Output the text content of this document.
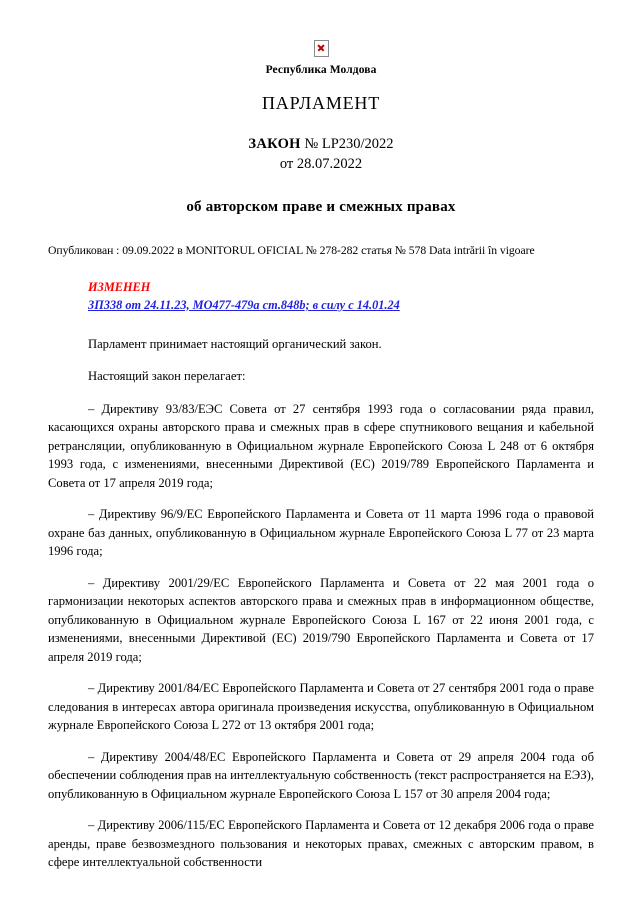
Республика Молдова
ПАРЛАМЕНТ
ЗАКОН № LP230/2022
от 28.07.2022
об авторском праве и смежных правах
Опубликован : 09.09.2022 в MONITORUL OFICIAL № 278-282 статья № 578 Data intrării în vigoare
ИЗМЕНЕН
ЗП338 от 24.11.23, МО477-479а ст.848b; в силу с 14.01.24

Парламент принимает настоящий органический закон.

Настоящий закон перелагает:

– Директиву 93/83/ЕЭС Совета от 27 сентября 1993 года о согласовании ряда правил, касающихся охраны авторского права и смежных прав в сфере спутникового вещания и кабельной ретрансляции, опубликованную в Официальном журнале Европейского Союза L 248 от 6 октября 1993 года, с изменениями, внесенными Директивой (ЕС) 2019/789 Европейского Парламента и Совета от 17 апреля 2019 года;

– Директиву 96/9/ЕС Европейского Парламента и Совета от 11 марта 1996 года о правовой охране баз данных, опубликованную в Официальном журнале Европейского Союза L 77 от 23 марта 1996 года;

– Директиву 2001/29/ЕС Европейского Парламента и Совета от 22 мая 2001 года о гармонизации некоторых аспектов авторского права и смежных прав в информационном обществе, опубликованную в Официальном журнале Европейского Союза L 167 от 22 июня 2001 года, с изменениями, внесенными Директивой (ЕС) 2019/790 Европейского Парламента и Совета от 17 апреля 2019 года;

– Директиву 2001/84/ЕС Европейского Парламента и Совета от 27 сентября 2001 года о праве следования в интересах автора оригинала произведения искусства, опубликованную в Официальном журнале Европейского Союза L 272 от 13 октября 2001 года;

– Директиву 2004/48/ЕС Европейского Парламента и Совета от 29 апреля 2004 года об обеспечении соблюдения прав на интеллектуальную собственность (текст распространяется на ЕЭЗ), опубликованную в Официальном журнале Европейского Союза L 157 от 30 апреля 2004 года;

– Директиву 2006/115/ЕС Европейского Парламента и Совета от 12 декабря 2006 года о праве аренды, праве безвозмездного пользования и некоторых правах, смежных с авторским правом, в сфере интеллектуальной собственности
